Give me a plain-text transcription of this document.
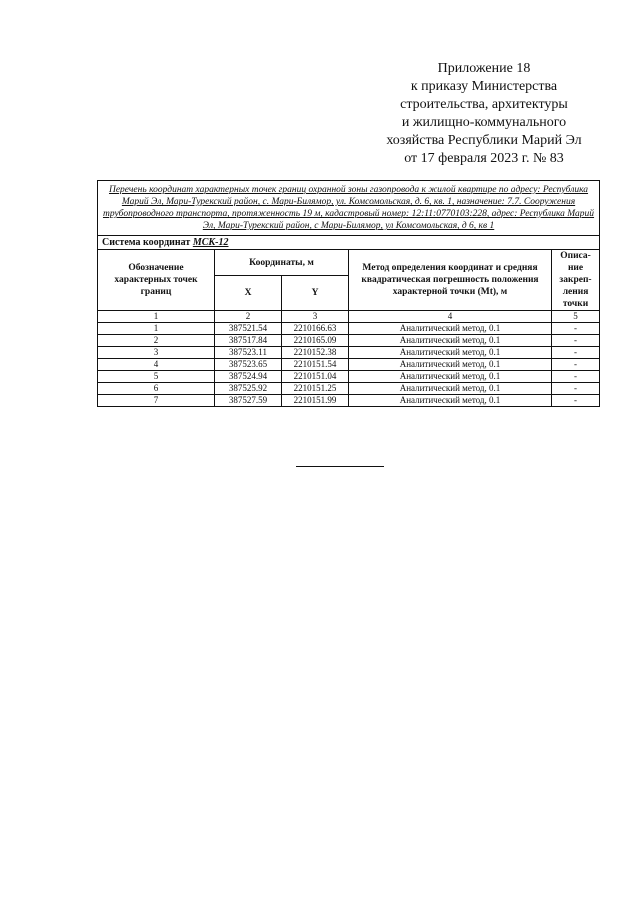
Приложение 18
к приказу Министерства
строительства, архитектуры
и жилищно-коммунального
хозяйства Республики Марий Эл
от 17 февраля 2023 г. № 83
Перечень координат характерных точек границ охранной зоны газопровода к жилой квартире по адресу: Республика Марий Эл, Мари-Турекский район, с. Мари-Билямор, ул. Комсомольская, д. 6, кв. 1, назначение: 7.7. Сооружения трубопроводного транспорта, протяженность 19 м, кадастровый номер: 12:11:0770103:228, адрес: Республика Марий Эл, Мари-Турекский район, с Мари-Билямор, ул Комсомольская, д 6, кв 1				
Система координат МСК-12				
Обозначение характерных точек границ	Координаты, м		Метод определения координат и средняя квадратическая погрешность положения характерной точки (Mt), м	Описа-ние закреп-ления точки
	X	Y		
1	2	3	4	5
1	387521.54	2210166.63	Аналитический метод, 0.1	-
2	387517.84	2210165.09	Аналитический метод, 0.1	-
3	387523.11	2210152.38	Аналитический метод, 0.1	-
4	387523.65	2210151.54	Аналитический метод, 0.1	-
5	387524.94	2210151.04	Аналитический метод, 0.1	-
6	387525.92	2210151.25	Аналитический метод, 0.1	-
7	387527.59	2210151.99	Аналитический метод, 0.1	-
